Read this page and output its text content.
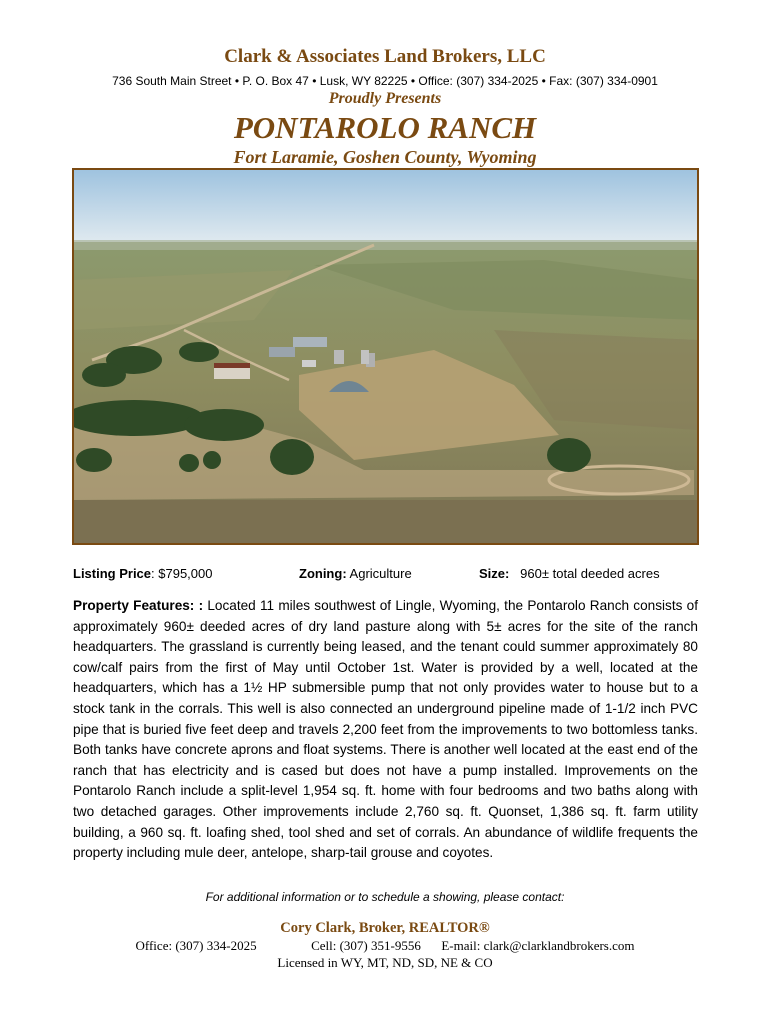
Clark & Associates Land Brokers, LLC
736 South Main Street • P. O. Box 47 • Lusk, WY 82225 • Office: (307) 334-2025 • Fax: (307) 334-0901
Proudly Presents
PONTAROLO RANCH
Fort Laramie, Goshen County, Wyoming
Listing Price: $795,000	Zoning: Agriculture	Size:   960± total deeded acres
Property Features: : Located 11 miles southwest of Lingle, Wyoming, the Pontarolo Ranch consists of approximately 960± deeded acres of dry land pasture along with 5± acres for the site of the ranch headquarters. The grassland is currently being leased, and the tenant could summer approximately 80 cow/calf pairs from the first of May until October 1st. Water is provided by a well, located at the headquarters, which has a 1½ HP submersible pump that not only provides water to house but to a stock tank in the corrals. This well is also connected an underground pipeline made of 1-1/2 inch PVC pipe that is buried five feet deep and travels 2,200 feet from the improvements to two bottomless tanks. Both tanks have concrete aprons and float systems. There is another well located at the east end of the ranch that has electricity and is cased but does not have a pump installed. Improvements on the Pontarolo Ranch include a split-level 1,954 sq. ft. home with four bedrooms and two baths along with two detached garages. Other improvements include 2,760 sq. ft. Quonset, 1,386 sq. ft. farm utility building, a 960 sq. ft. loafing shed, tool shed and set of corrals. An abundance of wildlife frequents the property including mule deer, antelope, sharp-tail grouse and coyotes.
For additional information or to schedule a showing, please contact:
Cory Clark, Broker, REALTOR®
Office: (307) 334-2025	Cell: (307) 351-9556 E-mail: clark@clarklandbrokers.com
Licensed in WY, MT, ND, SD, NE & CO
